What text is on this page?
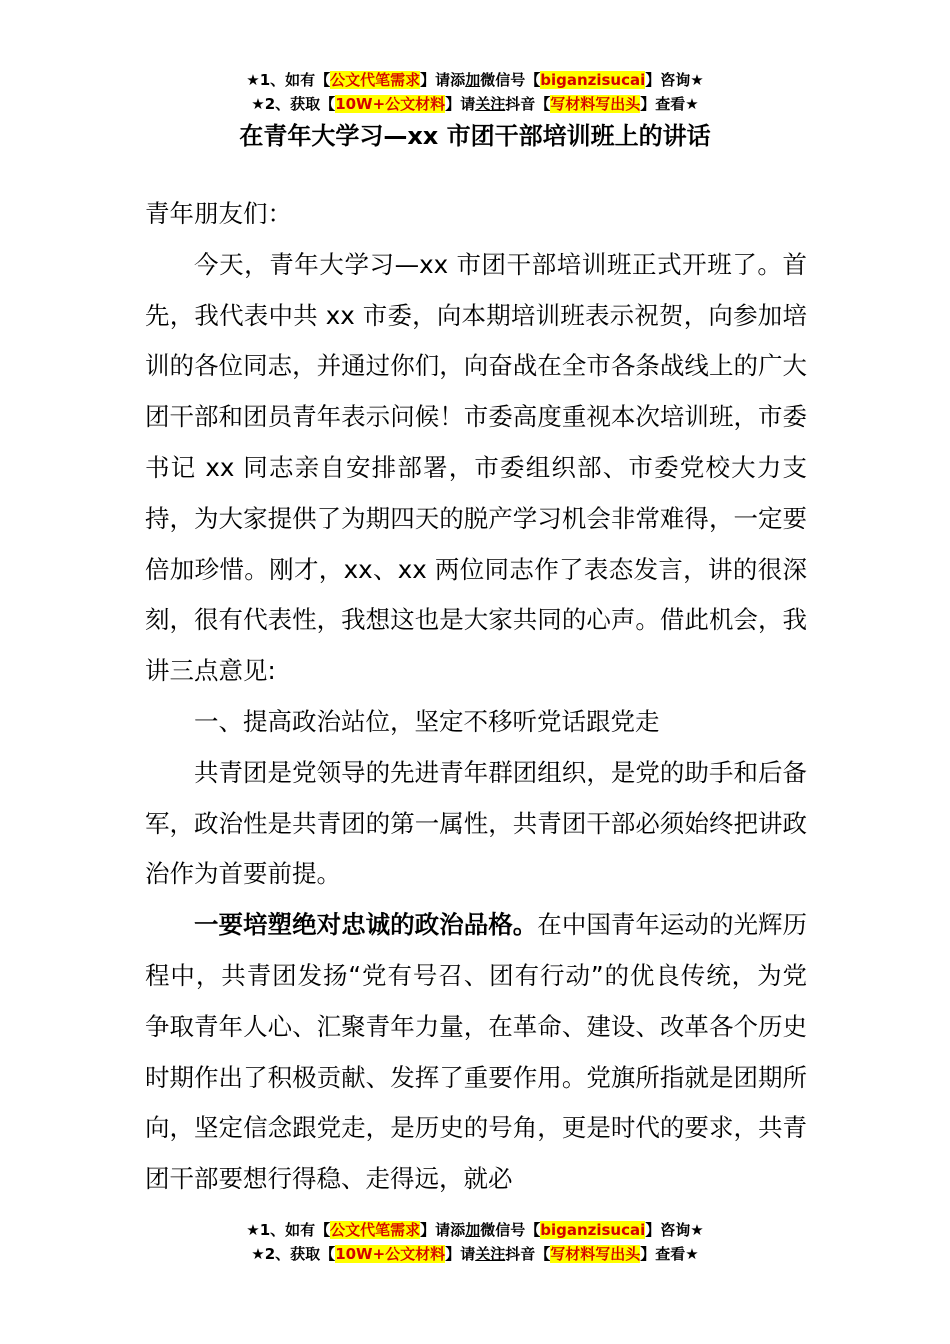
★1、如有【公文代笔需求】请添加微信号【biganzisucai】咨询★
★2、获取【10W+公文材料】请关注抖音【写材料写出头】查看★
在青年大学习—xx 市团干部培训班上的讲话

青年朋友们：

今天，青年大学习—xx 市团干部培训班正式开班了。首先，我代表中共 xx 市委，向本期培训班表示祝贺，向参加培训的各位同志，并通过你们，向奋战在全市各条战线上的广大团干部和团员青年表示问候！市委高度重视本次培训班，市委书记 xx 同志亲自安排部署，市委组织部、市委党校大力支持，为大家提供了为期四天的脱产学习机会非常难得，一定要倍加珍惜。刚才，xx、xx 两位同志作了表态发言，讲的很深刻，很有代表性，我想这也是大家共同的心声。借此机会，我讲三点意见:

一、提高政治站位，坚定不移听党话跟党走

共青团是党领导的先进青年群团组织，是党的助手和后备军，政治性是共青团的第一属性，共青团干部必须始终把讲政治作为首要前提。

一要培塑绝对忠诚的政治品格。在中国青年运动的光辉历程中，共青团发扬“党有号召、团有行动”的优良传统，为党争取青年人心、汇聚青年力量，在革命、建设、改革各个历史时期作出了积极贡献、发挥了重要作用。党旗所指就是团期所向，坚定信念跟党走，是历史的号角，更是时代的要求，共青团干部要想行得稳、走得远，就必

★1、如有【公文代笔需求】请添加微信号【biganzisucai】咨询★
★2、获取【10W+公文材料】请关注抖音【写材料写出头】查看★
